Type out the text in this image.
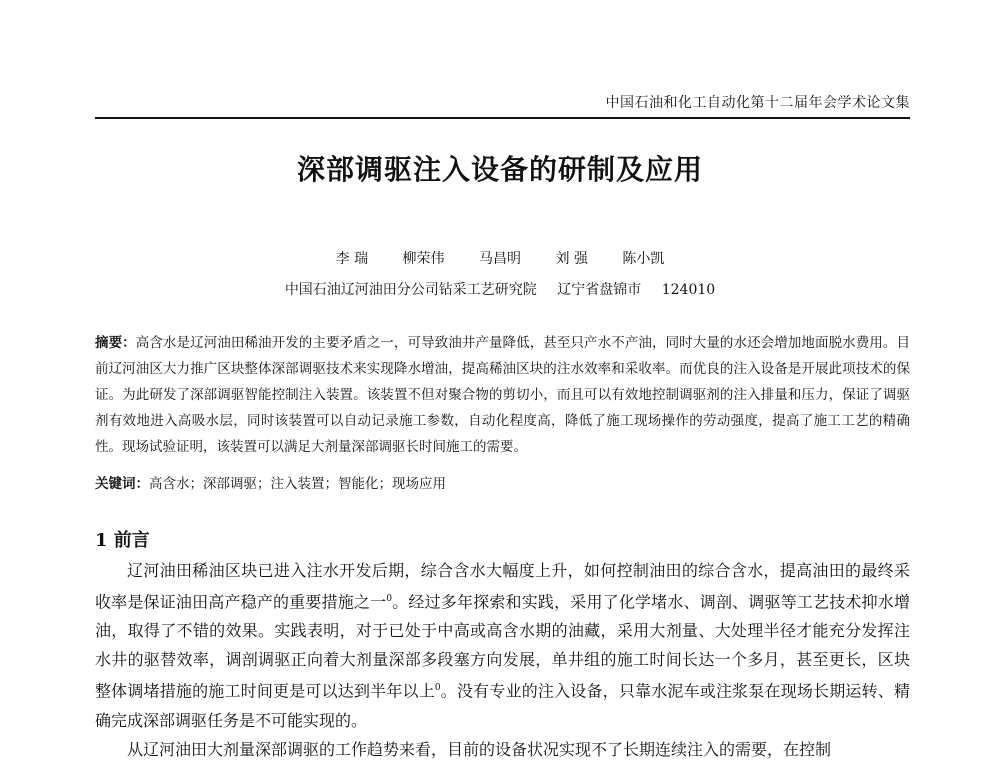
中国石油和化工自动化第十二届年会学术论文集
深部调驱注入设备的研制及应用
李 瑞 柳荣伟 马昌明 刘 强 陈小凯
中国石油辽河油田分公司钻采工艺研究院 辽宁省盘锦市 124010
摘要：高含水是辽河油田稀油开发的主要矛盾之一，可导致油井产量降低，甚至只产水不产油，同时大量的水还会增加地面脱水费用。目前辽河油区大力推广区块整体深部调驱技术来实现降水增油，提高稀油区块的注水效率和采收率。而优良的注入设备是开展此项技术的保证。为此研发了深部调驱智能控制注入装置。该装置不但对聚合物的剪切小，而且可以有效地控制调驱剂的注入排量和压力，保证了调驱剂有效地进入高吸水层，同时该装置可以自动记录施工参数，自动化程度高，降低了施工现场操作的劳动强度，提高了施工工艺的精确性。现场试验证明，该装置可以满足大剂量深部调驱长时间施工的需要。
关键词：高含水；深部调驱；注入装置；智能化；现场应用
1 前言

辽河油田稀油区块已进入注水开发后期，综合含水大幅度上升，如何控制油田的综合含水，提高油田的最终采收率是保证油田高产稳产的重要措施之一$^0$。经过多年探索和实践，采用了化学堵水、调剖、调驱等工艺技术抑水增油，取得了不错的效果。实践表明，对于已处于中高或高含水期的油藏，采用大剂量、大处理半径才能充分发挥注水井的驱替效率，调剖调驱正向着大剂量深部多段塞方向发展，单井组的施工时间长达一个多月，甚至更长，区块整体调堵措施的施工时间更是可以达到半年以上$^0$。没有专业的注入设备，只靠水泥车或注浆泵在现场长期运转、精确完成深部调驱任务是不可能实现的。

从辽河油田大剂量深部调驱的工作趋势来看，目前的设备状况实现不了长期连续注入的需要，在控制
